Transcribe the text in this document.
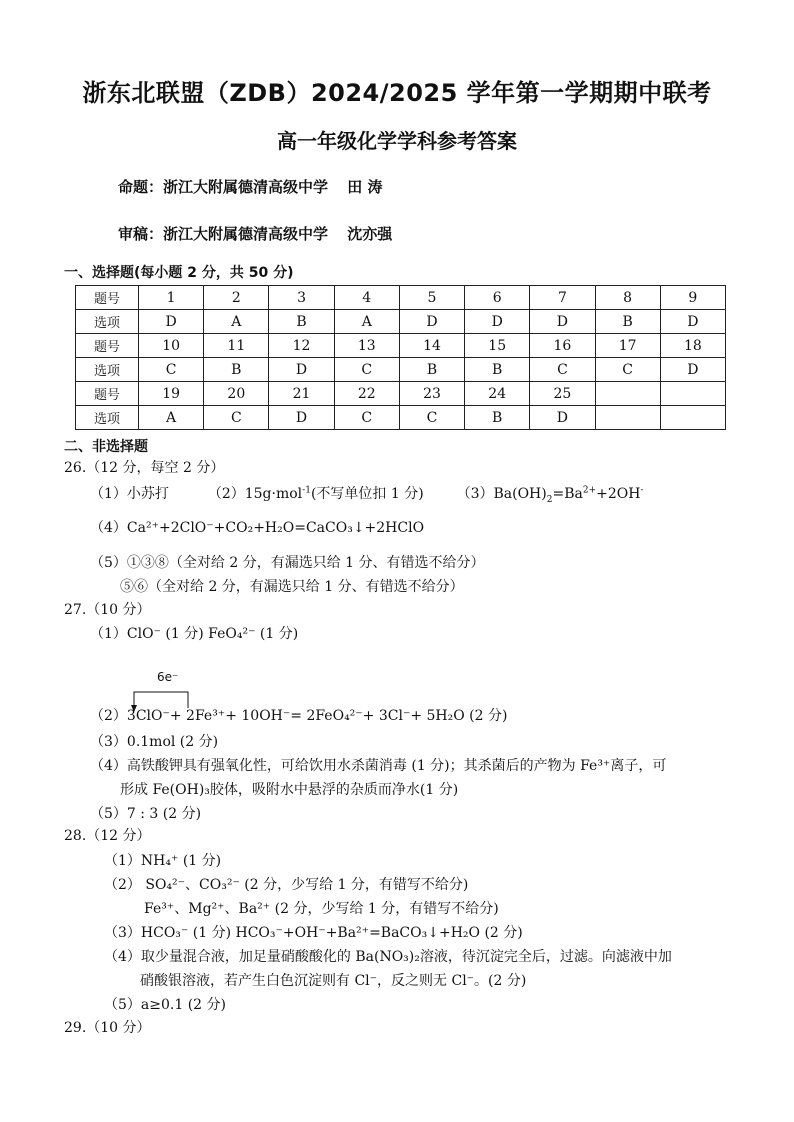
浙东北联盟（ZDB）2024/2025 学年第一学期期中联考
高一年级化学学科参考答案
命题：浙江大附属德清高级中学 田 涛
审稿：浙江大附属德清高级中学 沈亦强
一、选择题(每小题 2 分，共 50 分)
题号	1	2	3	4	5	6	7	8	9
选项	D	A	B	A	D	D	D	B	D
题号	10	11	12	13	14	15	16	17	18
选项	C	B	D	C	B	B	C	C	D
题号	19	20	21	22	23	24	25		
选项	A	C	D	C	C	B	D		
二、非选择题
26.（12 分，每空 2 分）
（1）小苏打	（2）15g·mol$^{-1}$(不写单位扣 1 分) $(3)Ba(OH)_2=Ba^{2+}+2OH^-$
（4）Ca²⁺+2ClO⁻+CO₂+H₂O=CaCO₃↓+2HClO
（5）①③⑧（全对给 2 分，有漏选只给 1 分、有错选不给分）
⑤⑥（全对给 2 分，有漏选只给 1 分、有错选不给分）
27.（10 分）
（1）ClO⁻ (1 分) FeO₄²⁻ (1 分)
6e⁻
（2）3ClO⁻+ 2Fe³⁺+ 10OH⁻= 2FeO₄²⁻+ 3Cl⁻+ 5H₂O (2 分)
（3）0.1mol (2 分)
（4）高铁酸钾具有强氧化性，可给饮用水杀菌消毒 (1 分)；其杀菌后的产物为 Fe³⁺离子，可
形成 Fe(OH)₃胶体，吸附水中悬浮的杂质而净水(1 分)
（5）7 : 3 (2 分)
28.（12 分）
（1）NH₄⁺ (1 分)
（2） SO₄²⁻、CO₃²⁻ (2 分，少写给 1 分，有错写不给分)
Fe³⁺、Mg²⁺、Ba²⁺ (2 分，少写给 1 分，有错写不给分)
（3）HCO₃⁻ (1 分) HCO₃⁻+OH⁻+Ba²⁺=BaCO₃↓+H₂O (2 分)
（4）取少量混合液，加足量硝酸酸化的 Ba(NO₃)₂溶液，待沉淀完全后，过滤。向滤液中加
硝酸银溶液，若产生白色沉淀则有 Cl⁻，反之则无 Cl⁻。(2 分)
（5）a≥0.1 (2 分)
29.（10 分）
